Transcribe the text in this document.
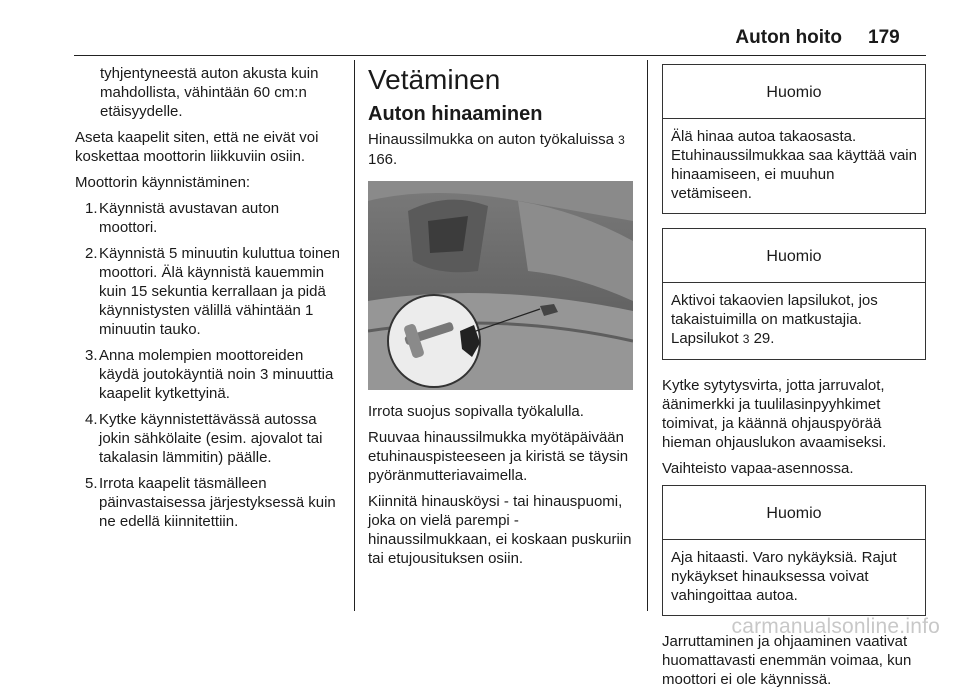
Auton hoito 179

tyhjentyneestä auton akusta kuin mahdollista, vähintään 60 cm:n etäisyydelle.

Aseta kaapelit siten, että ne eivät voi koskettaa moottorin liikkuviin osiin.

Moottorin käynnistäminen:

1. Käynnistä avustavan auton moottori.
2. Käynnistä 5 minuutin kuluttua toinen moottori. Älä käynnistä kauemmin kuin 15 sekuntia kerrallaan ja pidä käynnistysten välillä vähintään 1 minuutin tauko.
3. Anna molempien moottoreiden käydä joutokäyntiä noin 3 minuuttia kaapelit kytkettyinä.
4. Kytke käynnistettävässä autossa jokin sähkölaite (esim. ajovalot tai takalasin lämmitin) päälle.
5. Irrota kaapelit täsmälleen päinvastaisessa järjestyksessä kuin ne edellä kiinnitettiin.
Vetäminen
Auton hinaaminen

Hinaussilmukka on auton työkaluissa 3 166.

Irrota suojus sopivalla työkalulla.

Ruuvaa hinaussilmukka myötäpäivään etuhinauspisteeseen ja kiristä se täysin pyöränmutteriavaimella.

Kiinnitä hinausköysi - tai hinauspuomi, joka on vielä parempi - hinaussilmukkaan, ei koskaan puskuriin tai etujousituksen osiin.

Huomio
Älä hinaa autoa takaosasta. Etuhinaussilmukkaa saa käyttää vain hinaamiseen, ei muuhun vetämiseen.
Huomio
Aktivoi takaovien lapsilukot, jos takaistuimilla on matkustajia. Lapsilukot 3 29.

Kytke sytytysvirta, jotta jarruvalot, äänimerkki ja tuulilasinpyyhkimet toimivat, ja käännä ohjauspyörää hieman ohjauslukon avaamiseksi.

Vaihteisto vapaa-asennossa.

Huomio
Aja hitaasti. Varo nykäyksiä. Rajut nykäykset hinauksessa voivat vahingoittaa autoa.

Jarruttaminen ja ohjaaminen vaativat huomattavasti enemmän voimaa, kun moottori ei ole käynnissä.

carmanualsonline.info
